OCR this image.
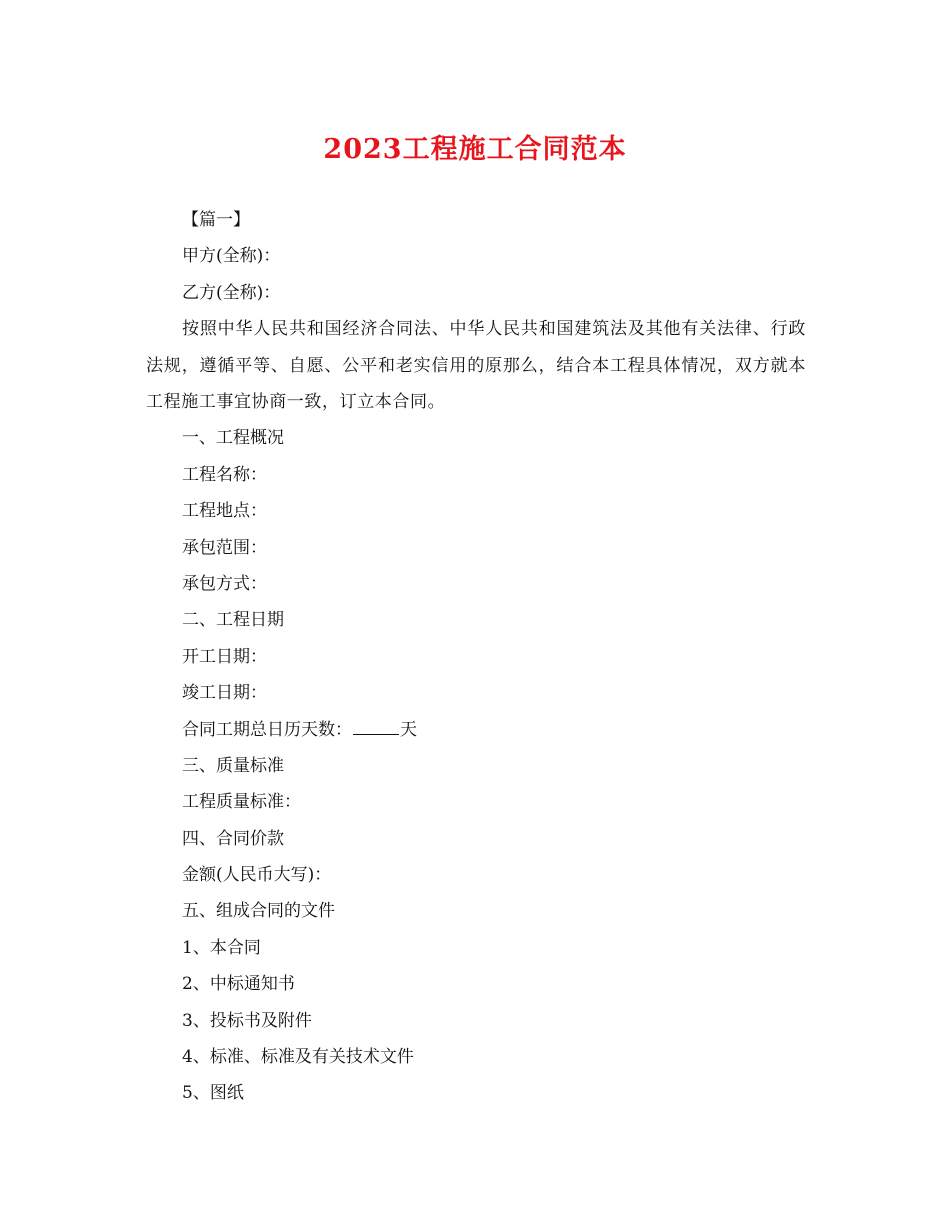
2023工程施工合同范本
【篇一】
甲方(全称)：
乙方(全称)：
按照中华人民共和国经济合同法、中华人民共和国建筑法及其他有关法律、行政法规，遵循平等、自愿、公平和老实信用的原那么，结合本工程具体情况，双方就本工程施工事宜协商一致，订立本合同。
一、工程概况
工程名称：
工程地点：
承包范围：
承包方式：
二、工程日期
开工日期：
竣工日期：
合同工期总日历天数：	天
三、质量标准
工程质量标准：
四、合同价款
金额(人民币大写)：
五、组成合同的文件
1、本合同
2、中标通知书
3、投标书及附件
4、标准、标准及有关技术文件
5、图纸
